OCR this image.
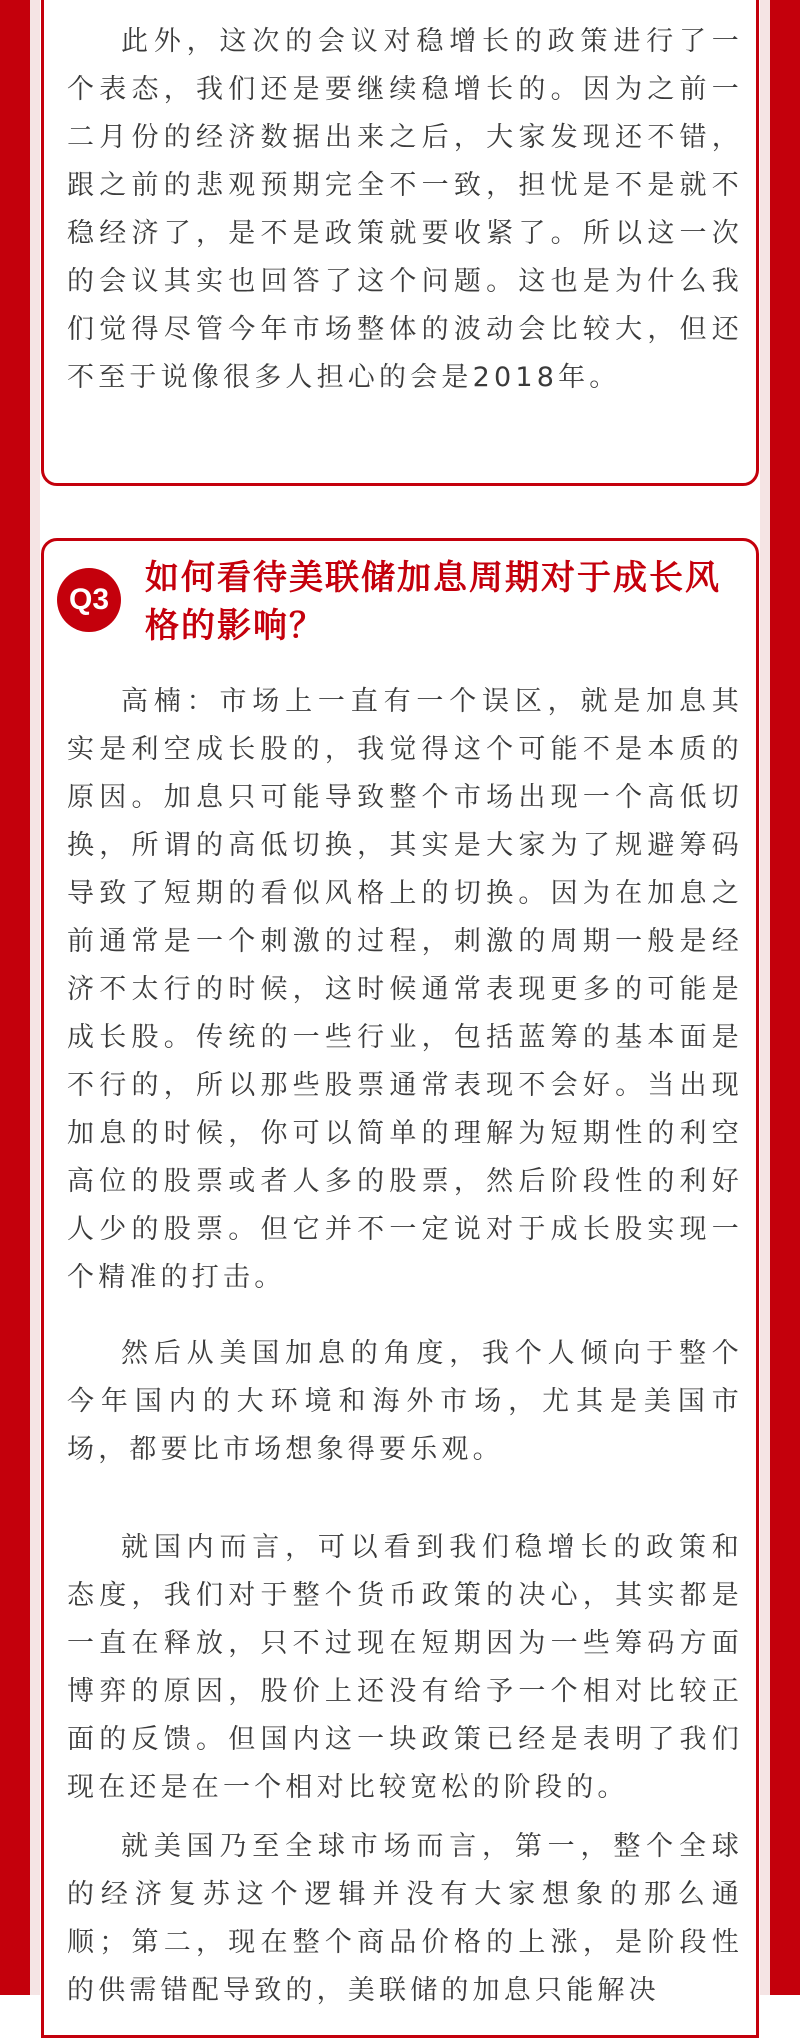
此外，这次的会议对稳增长的政策进行了一个表态，我们还是要继续稳增长的。因为之前一二月份的经济数据出来之后，大家发现还不错，跟之前的悲观预期完全不一致，担忧是不是就不稳经济了，是不是政策就要收紧了。所以这一次的会议其实也回答了这个问题。这也是为什么我们觉得尽管今年市场整体的波动会比较大，但还不至于说像很多人担心的会是2018年。

Q3
如何看待美联储加息周期对于成长风格的影响？

高楠：市场上一直有一个误区，就是加息其实是利空成长股的，我觉得这个可能不是本质的原因。加息只可能导致整个市场出现一个高低切换，所谓的高低切换，其实是大家为了规避筹码导致了短期的看似风格上的切换。因为在加息之前通常是一个刺激的过程，刺激的周期一般是经济不太行的时候，这时候通常表现更多的可能是成长股。传统的一些行业，包括蓝筹的基本面是不行的，所以那些股票通常表现不会好。当出现加息的时候，你可以简单的理解为短期性的利空高位的股票或者人多的股票，然后阶段性的利好人少的股票。但它并不一定说对于成长股实现一个精准的打击。

然后从美国加息的角度，我个人倾向于整个今年国内的大环境和海外市场，尤其是美国市场，都要比市场想象得要乐观。

就国内而言，可以看到我们稳增长的政策和态度，我们对于整个货币政策的决心，其实都是一直在释放，只不过现在短期因为一些筹码方面博弈的原因，股价上还没有给予一个相对比较正面的反馈。但国内这一块政策已经是表明了我们现在还是在一个相对比较宽松的阶段的。

就美国乃至全球市场而言，第一，整个全球的经济复苏这个逻辑并没有大家想象的那么通顺；第二，现在整个商品价格的上涨，是阶段性的供需错配导致的，美联储的加息只能解决
